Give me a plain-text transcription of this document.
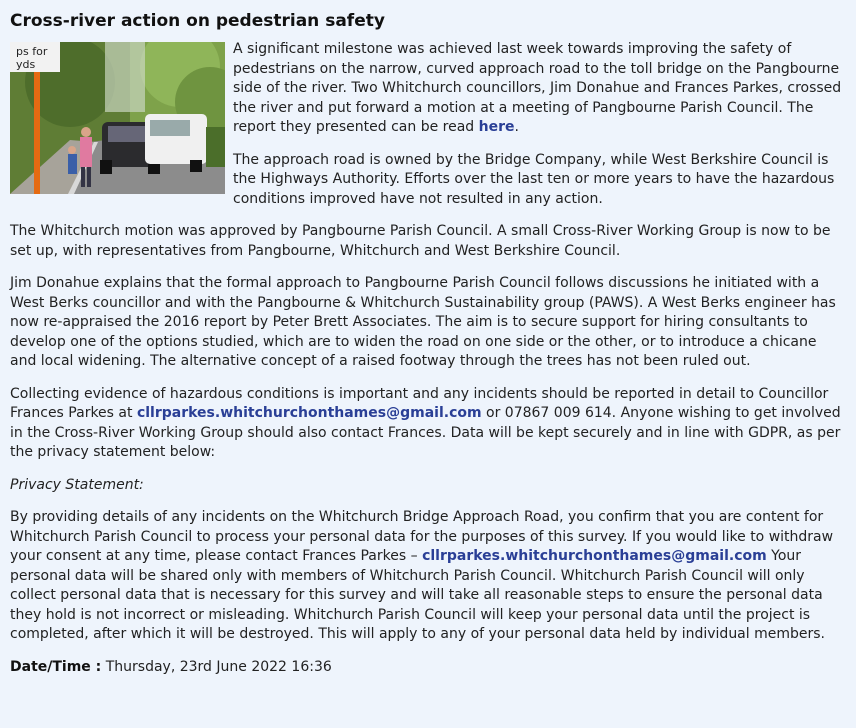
Cross-river action on pedestrian safety
ps for
yds

A significant milestone was achieved last week towards improving the safety of pedestrians on the narrow, curved approach road to the toll bridge on the Pangbourne side of the river. Two Whitchurch councillors, Jim Donahue and Frances Parkes, crossed the river and put forward a motion at a meeting of Pangbourne Parish Council. The report they presented can be read here.

The approach road is owned by the Bridge Company, while West Berkshire Council is the Highways Authority. Efforts over the last ten or more years to have the hazardous conditions improved have not resulted in any action.

The Whitchurch motion was approved by Pangbourne Parish Council. A small Cross-River Working Group is now to be set up, with representatives from Pangbourne, Whitchurch and West Berkshire Council.

Jim Donahue explains that the formal approach to Pangbourne Parish Council follows discussions he initiated with a West Berks councillor and with the Pangbourne & Whitchurch Sustainability group (PAWS). A West Berks engineer has now re-appraised the 2016 report by Peter Brett Associates. The aim is to secure support for hiring consultants to develop one of the options studied, which are to widen the road on one side or the other, or to introduce a chicane and local widening. The alternative concept of a raised footway through the trees has not been ruled out.

Collecting evidence of hazardous conditions is important and any incidents should be reported in detail to Councillor Frances Parkes at cllrparkes.whitchurchonthames@gmail.com or 07867 009 614. Anyone wishing to get involved in the Cross-River Working Group should also contact Frances. Data will be kept securely and in line with GDPR, as per the privacy statement below:

Privacy Statement:

By providing details of any incidents on the Whitchurch Bridge Approach Road, you confirm that you are content for Whitchurch Parish Council to process your personal data for the purposes of this survey. If you would like to withdraw your consent at any time, please contact Frances Parkes – cllrparkes.whitchurchonthames@gmail.com Your personal data will be shared only with members of Whitchurch Parish Council. Whitchurch Parish Council will only collect personal data that is necessary for this survey and will take all reasonable steps to ensure the personal data they hold is not incorrect or misleading. Whitchurch Parish Council will keep your personal data until the project is completed, after which it will be destroyed. This will apply to any of your personal data held by individual members.

Date/Time : Thursday, 23rd June 2022 16:36
